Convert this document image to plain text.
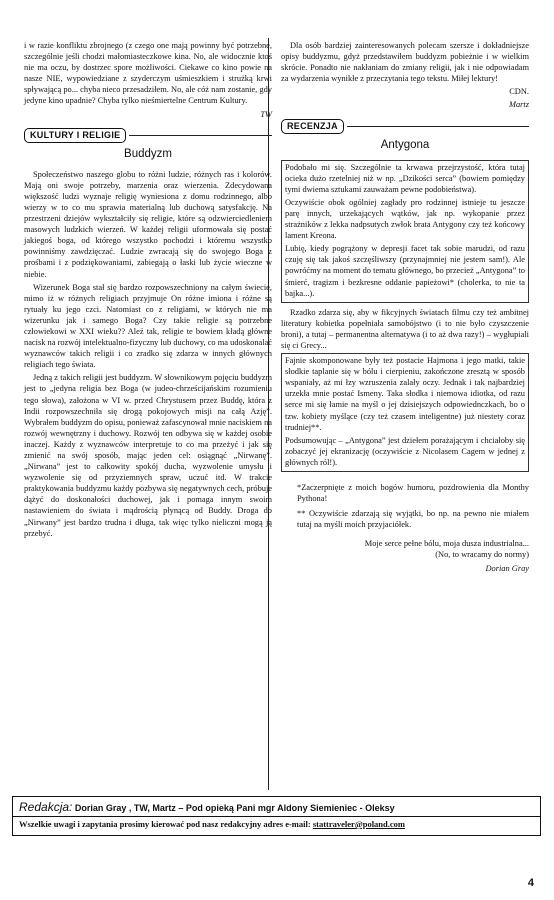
i w razie konfliktu zbrojnego (z czego one mają powinny być potrzebne, szczególnie jeśli chodzi małomiasteczkowe kina. No, ale widocznie ktoś nie ma oczu, by dostrzec spore możliwości. Ciekawe co kino powie na nasze NIE, wypowiedziane z szyderczym uśmieszkiem i strużką krwi spływającą po... chyba nieco przesadziłem. No, ale cóż nam zostanie, gdy jedyne kino upadnie? Chyba tylko nieśmiertelne Centrum Kultury.

TW

KULTURY I RELIGIE
Buddyzm

Społeczeństwo naszego globu to różni ludzie, różnych ras i kolorów. Mają oni swoje potrzeby, marzenia oraz wierzenia. Zdecydowana większość ludzi wyznaje religię wyniesiona z domu rodzinnego, albo wierzy w to co mu sprawia materialną lub duchową satysfakcję. Na przestrzeni dziejów wykształciły się religie, które są odzwierciedleniem masowych ludzkich wierzeń. W każdej religii uformowała się postać jakiegoś boga, od którego wszystko pochodzi i któremu wszystko powinniśmy zawdzięczać. Ludzie zwracają się do swojego Boga z prośbami i z podziękowaniami, zabiegają o łaski lub życie wieczne w niebie.

Wizerunek Boga stał się bardzo rozpowszechniony na całym świecie, mimo iż w różnych religiach przyjmuje On różne imiona i różne są rytuały ku jego czci. Natomiast co z religiami, w których nie ma wizerunku jak i samego Boga? Czy takie religie są potrzebne człowiekowi w XXI wieku?? Aleź tak, religie te bowiem kładą główne nacisk na rozwój intelektualno-fizyczny lub duchowy, co ma udoskonalać wyznawców takich religii i co zradko się zdarza w innych głównych religiach tego świata.

Jedną z takich religii jest buddyzm. W słownikowym pojęciu buddyzm jest to „jedyna religia bez Boga (w judeo-chrześcijańskim rozumieniu tego słowa), założona w VI w. przed Chrystusem przez Buddę, która z Indii rozpowszechniła się drogą pokojowych misji na całą Azję”. Wybrałem buddyzm do opisu, ponieważ zafascynował mnie naciskiem na rozwój wewnętrzny i duchowy. Rozwój ten odbywa się w każdej osobie inaczej. Każdy z wyznawców interpretuje to co ma przeżyć i jak się zmienić na swój sposób, mając jeden cel: osiągnąć „Nirwanę”. „Nirwana” jest to całkowity spokój ducha, wyzwolenie umysłu i wyzwolenie się od przyziemnych spraw, uczuć itd. W trakcie praktykowania buddyzmu każdy pozbywa się negatywnych cech, próbuje dążyć do doskonałości duchowej, jak i pomaga innym swoim nastawieniem do świata i mądrością płynącą od Buddy. Droga do „Nirwany” jest bardzo trudna i długa, tak więc tylko nieliczni mogą ją przebyć.

Dla osób bardziej zainteresowanych polecam szersze i dokładniejsze opisy buddyzmu, gdyż przedstawiłem buddyzm pobieżnie i w wielkim skrócie. Ponadto nie nakłaniam do zmiany religii, jak i nie odpowiadam za wydarzenia wynikłe z przeczytania tego tekstu. Miłej lektury!

CDN.

Martz

RECENZJA
Antygona

Podobało mi się. Szczególnie ta krwawa przejrzystość, która tutaj ocieka dużo rzetelniej niż w np. „Dzikości serca” (bowiem pomiędzy tymi dwiema sztukami zauważam pewne podobieństwa).

Oczywiście obok ogólniej zagłady pro rodzinnej istnieje tu jeszcze parę innych, urzekających wątków, jak np. wykopanie przez strażników z lekka nadpsutych zwłok brata Antygony czy też końcowy lament Kreona.

Lubię, kiedy pogrążony w depresji facet tak sobie marudzi, od razu czuję się tak jakoś szczęśliwszy (przynajmniej nie jestem sam!). Ale powróćmy na moment do tematu głównego, bo przecież „Antygona” to śmierć, tragizm i bezkresne oddanie papieżowi* (cholerka, to nie ta bajka...).

Rzadko zdarza się, aby w fikcyjnych światach filmu czy też ambitnej literatury kobietka popełniała samobójstwo (i to nie było czyszczenie broni), a tutaj – permanentna alternatywa (i to aż dwa razy!) – wygłupiali się ci Grecy...

Fajnie skomponowane były też postacie Hajmona i jego matki, takie słodkie taplanie się w bólu i cierpieniu, zakończone zresztą w sposób wspaniały, aż mi łzy wzruszenia zalały oczy. Jednak i tak najbardziej urzekła mnie postać Ismeny. Taka słodka i niemowa idiotka, od razu serce mi się łamie na myśl o jej dzisiejszych odpowiednczkach, bo o tzw. kobiety myślące (czy też czasem inteligentne) już niestety coraz trudniej**.

Podsumowując – „Antygona” jest dziełem porażającym i chciałoby się zobaczyć jej ekranizację (oczywiście z Nicolasem Cagem w jednej z głównych ról!).

*Zaczerpnięte z moich bogów humoru, pozdrowienia dla Monthy Pythona!

** Oczywiście zdarzają się wyjątki, bo np. na pewno nie miałem tutaj na myśli moich przyjaciółek.

Moje serce pełne bólu, moja dusza industrialna...
(No, to wracamy do normy)
Dorian Gray
Redakcja: Dorian Gray , TW, Martz – Pod opieką Pani mgr Aldony Siemieniec - Oleksy
Wszelkie uwagi i zapytania prosimy kierować pod nasz redakcyjny adres e-mail: stattraveler@poland.com
4
